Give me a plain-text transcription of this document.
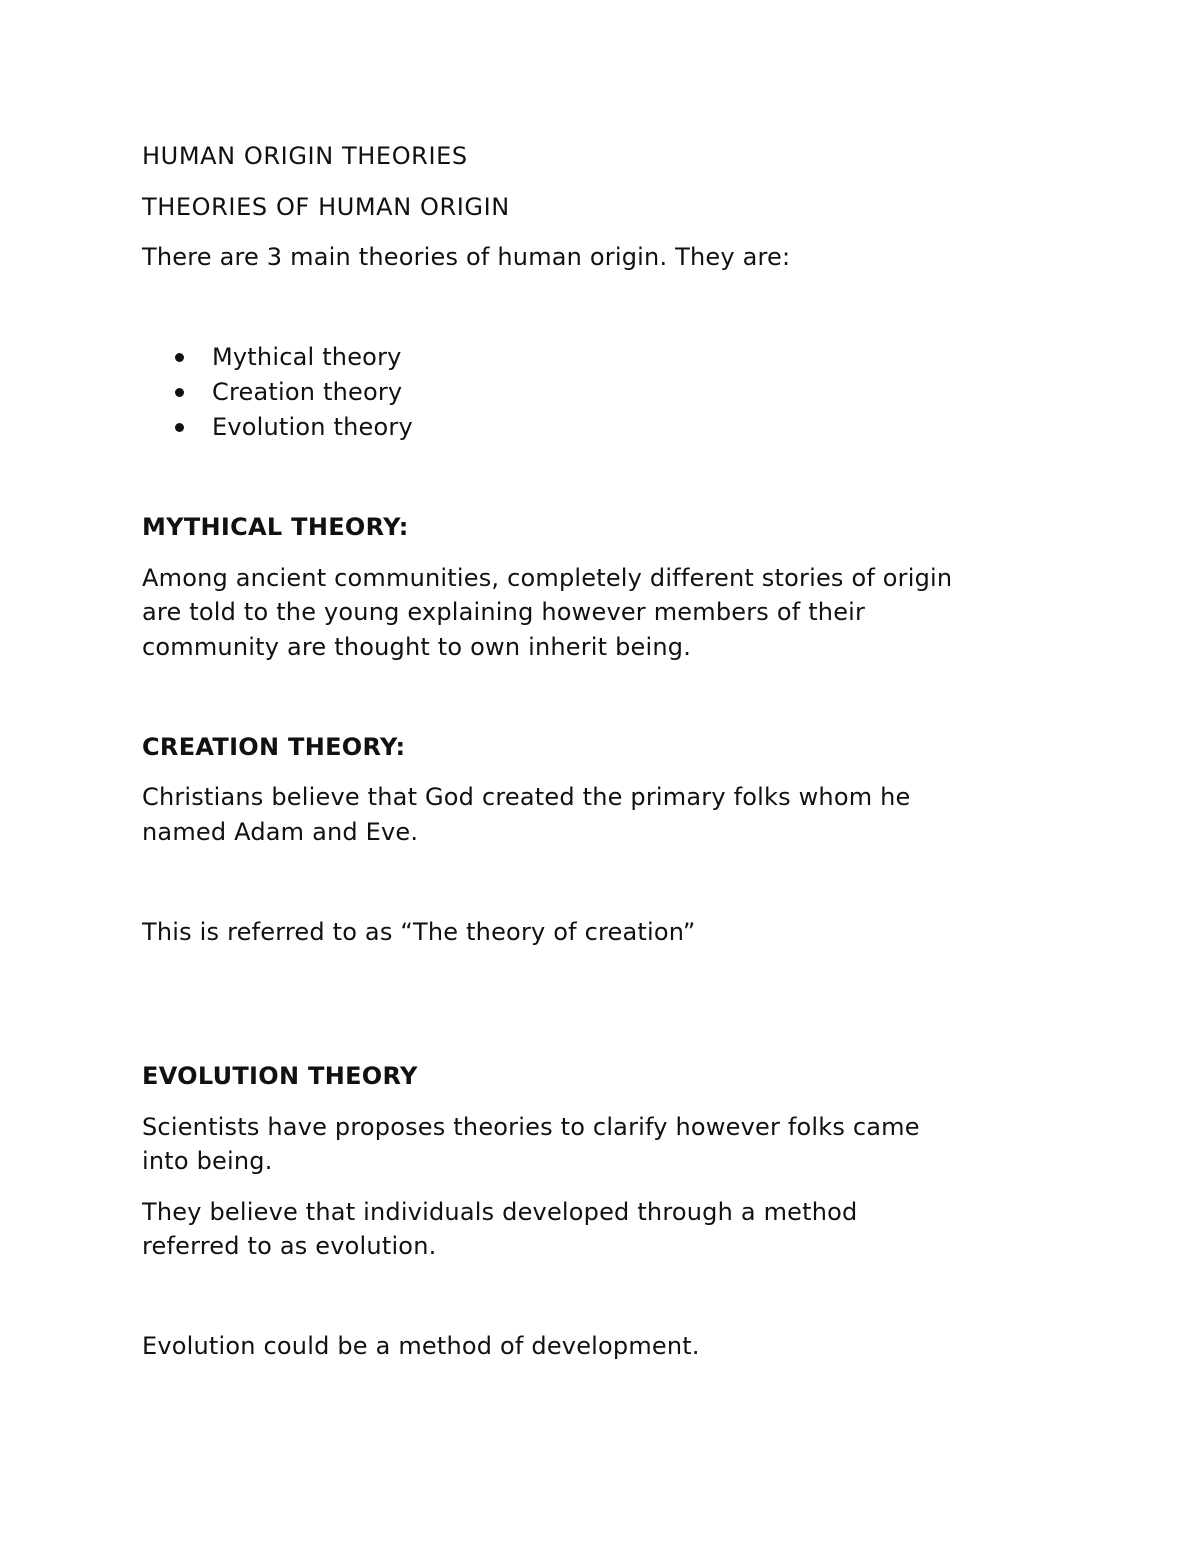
HUMAN ORIGIN THEORIES

THEORIES OF HUMAN ORIGIN

There are 3 main theories of human origin. They are:

Mythical theory
Creation theory
Evolution theory

MYTHICAL THEORY:

Among ancient communities, completely different stories of origin

are told to the young explaining however members of their

community are thought to own inherit being.

CREATION THEORY:

Christians believe that God created the primary folks whom he

named Adam and Eve.

This is referred to as “The theory of creation”

EVOLUTION THEORY

Scientists have proposes theories to clarify however folks came

into being.

They believe that individuals developed through a method

referred to as evolution.

Evolution could be a method of development.
